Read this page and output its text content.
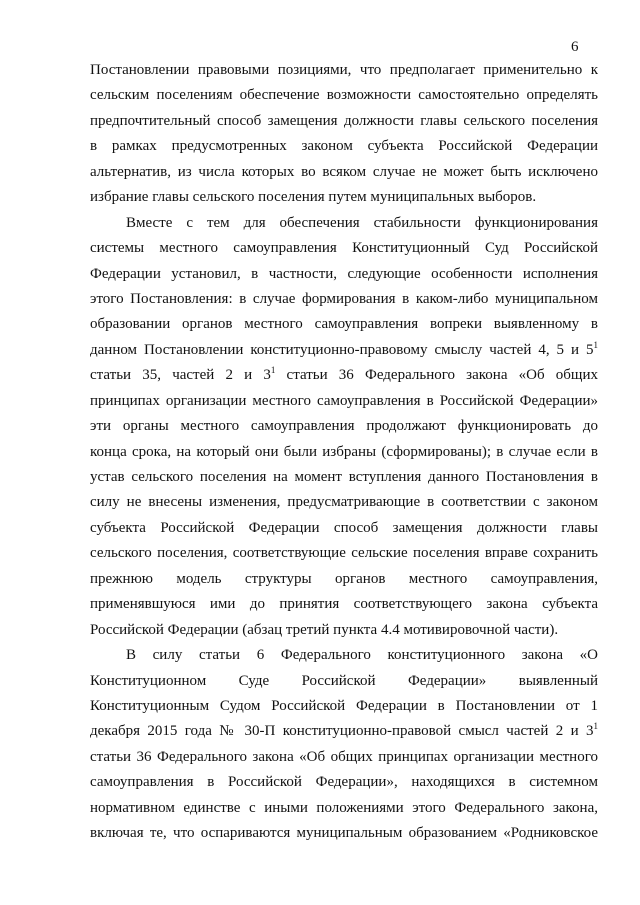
6
Постановлении правовыми позициями, что предполагает применительно к
сельским поселениям обеспечение возможности самостоятельно определять
предпочтительный способ замещения должности главы сельского поселения
в рамках предусмотренных законом субъекта Российской Федерации
альтернатив, из числа которых во всяком случае не может быть исключено
избрание главы сельского поселения путем муниципальных выборов.
Вместе с тем для обеспечения стабильности функционирования
системы местного самоуправления Конституционный Суд Российской
Федерации установил, в частности, следующие особенности исполнения
этого Постановления: в случае формирования в каком-либо муниципальном
образовании органов местного самоуправления вопреки выявленному в
данном Постановлении конституционно-правовому смыслу частей 4, 5 и $5^1$
статьи 35, частей 2 и $3^1$ статьи 36 Федерального закона «Об общих
принципах организации местного самоуправления в Российской Федерации»
эти органы местного самоуправления продолжают функционировать до
конца срока, на который они были избраны (сформированы); в случае если в
устав сельского поселения на момент вступления данного Постановления в
силу не внесены изменения, предусматривающие в соответствии с законом
субъекта Российской Федерации способ замещения должности главы
сельского поселения, соответствующие сельские поселения вправе сохранить
прежнюю модель структуры органов местного самоуправления,
применявшуюся ими до принятия соответствующего закона субъекта
Российской Федерации (абзац третий пункта 4.4 мотивировочной части).
В силу статьи 6 Федерального конституционного закона «О
Конституционном Суде Российской Федерации» выявленный
Конституционным Судом Российской Федерации в Постановлении от 1
декабря 2015 года № 30-П конституционно-правовой смысл частей 2 и $3^1$
статьи 36 Федерального закона «Об общих принципах организации местного
самоуправления в Российской Федерации», находящихся в системном
нормативном единстве с иными положениями этого Федерального закона,
включая те, что оспариваются муниципальным образованием «Родниковское
